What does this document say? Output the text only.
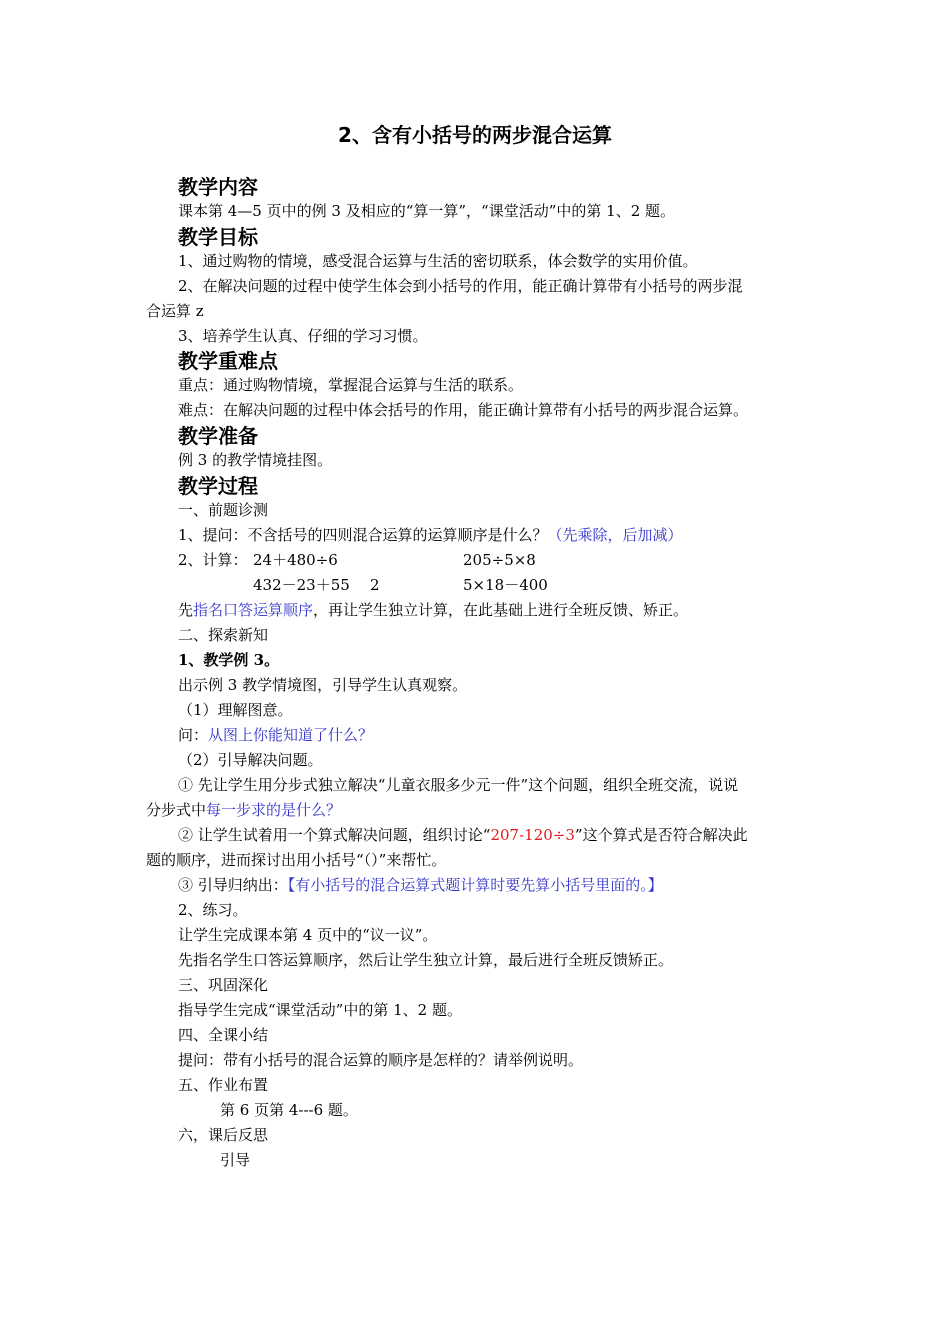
2、含有小括号的两步混合运算
教学内容
课本第 4—5 页中的例 3 及相应的“算一算”，“课堂活动”中的第 1、2 题。
教学目标
1、通过购物的情境，感受混合运算与生活的密切联系，体会数学的实用价值。
2、在解决问题的过程中使学生体会到小括号的作用，能正确计算带有小括号的两步混
合运算 z
3、培养学生认真、仔细的学习习惯。
教学重难点
重点：通过购物情境，掌握混合运算与生活的联系。
难点：在解决问题的过程中体会括号的作用，能正确计算带有小括号的两步混合运算。
教学准备
例 3 的教学情境挂图。
教学过程
一、前题诊测
1、提问：不含括号的四则混合运算的运算顺序是什么？（先乘除，后加减）
2、计算： 24＋480÷6	205÷5×8
432－23＋55 2	5×18－400
先指名口答运算顺序，再让学生独立计算，在此基础上进行全班反馈、矫正。
二、探索新知
1、教学例 3。
出示例 3 教学情境图，引导学生认真观察。
（1）理解图意。
问：从图上你能知道了什么？
（2）引导解决问题。
① 先让学生用分步式独立解决“儿童衣服多少元一件”这个问题，组织全班交流，说说
分步式中每一步求的是什么？
② 让学生试着用一个算式解决问题，组织讨论“207-120÷3”这个算式是否符合解决此
题的顺序，进而探讨出用小括号“（）”来帮忙。
③ 引导归纳出：【有小括号的混合运算式题计算时要先算小括号里面的。】
2、练习。
让学生完成课本第 4 页中的“议一议”。
先指名学生口答运算顺序，然后让学生独立计算，最后进行全班反馈矫正。
三、巩固深化
指导学生完成“课堂活动”中的第 1、2 题。
四、全课小结
提问：带有小括号的混合运算的顺序是怎样的？请举例说明。
五、作业布置
第 6 页第 4---6 题。
六，课后反思
引导
